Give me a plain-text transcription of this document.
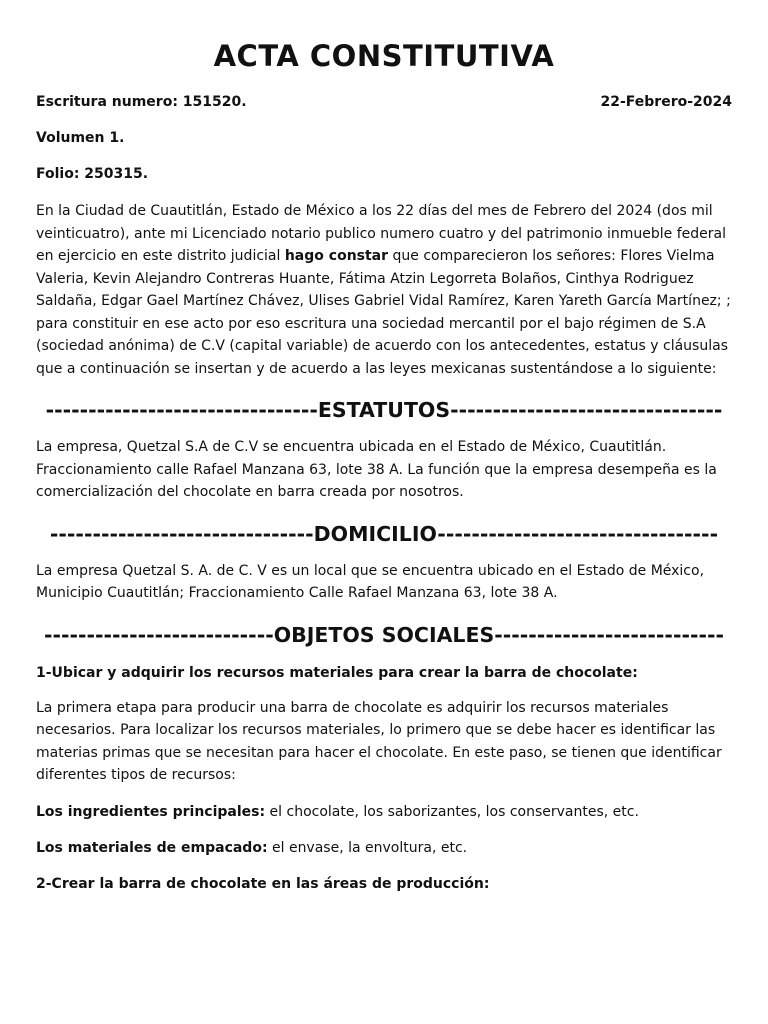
ACTA CONSTITUTIVA
Escritura numero: 151520.	22-Febrero-2024
Volumen 1.
Folio: 250315.

En la Ciudad de Cuautitlán, Estado de México a los 22 días del mes de Febrero del 2024 (dos mil veinticuatro), ante mi Licenciado notario publico numero cuatro y del patrimonio inmueble federal en ejercicio en este distrito judicial hago constar que comparecieron los señores: Flores Vielma Valeria, Kevin Alejandro Contreras Huante, Fátima Atzin Legorreta Bolaños, Cinthya Rodriguez Saldaña, Edgar Gael Martínez Chávez, Ulises Gabriel Vidal Ramírez, Karen Yareth García Martínez; ; para constituir en ese acto por eso escritura una sociedad mercantil por el bajo régimen de S.A (sociedad anónima) de C.V (capital variable) de acuerdo con los antecedentes, estatus y cláusulas que a continuación se insertan y de acuerdo a las leyes mexicanas sustentándose a lo siguiente:

--------------------------------ESTATUTOS--------------------------------

La empresa, Quetzal S.A de C.V se encuentra ubicada en el Estado de México, Cuautitlán. Fraccionamiento calle Rafael Manzana 63, lote 38 A. La función que la empresa desempeña es la comercialización del chocolate en barra creada por nosotros.

-------------------------------DOMICILIO---------------------------------

La empresa Quetzal S. A. de C. V es un local que se encuentra ubicado en el Estado de México, Municipio Cuautitlán; Fraccionamiento Calle Rafael Manzana 63, lote 38 A.

---------------------------OBJETOS SOCIALES---------------------------
1-Ubicar y adquirir los recursos materiales para crear la barra de chocolate:

La primera etapa para producir una barra de chocolate es adquirir los recursos materiales necesarios. Para localizar los recursos materiales, lo primero que se debe hacer es identificar las materias primas que se necesitan para hacer el chocolate. En este paso, se tienen que identificar diferentes tipos de recursos:

Los ingredientes principales: el chocolate, los saborizantes, los conservantes, etc.

Los materiales de empacado: el envase, la envoltura, etc.

2-Crear la barra de chocolate en las áreas de producción:
